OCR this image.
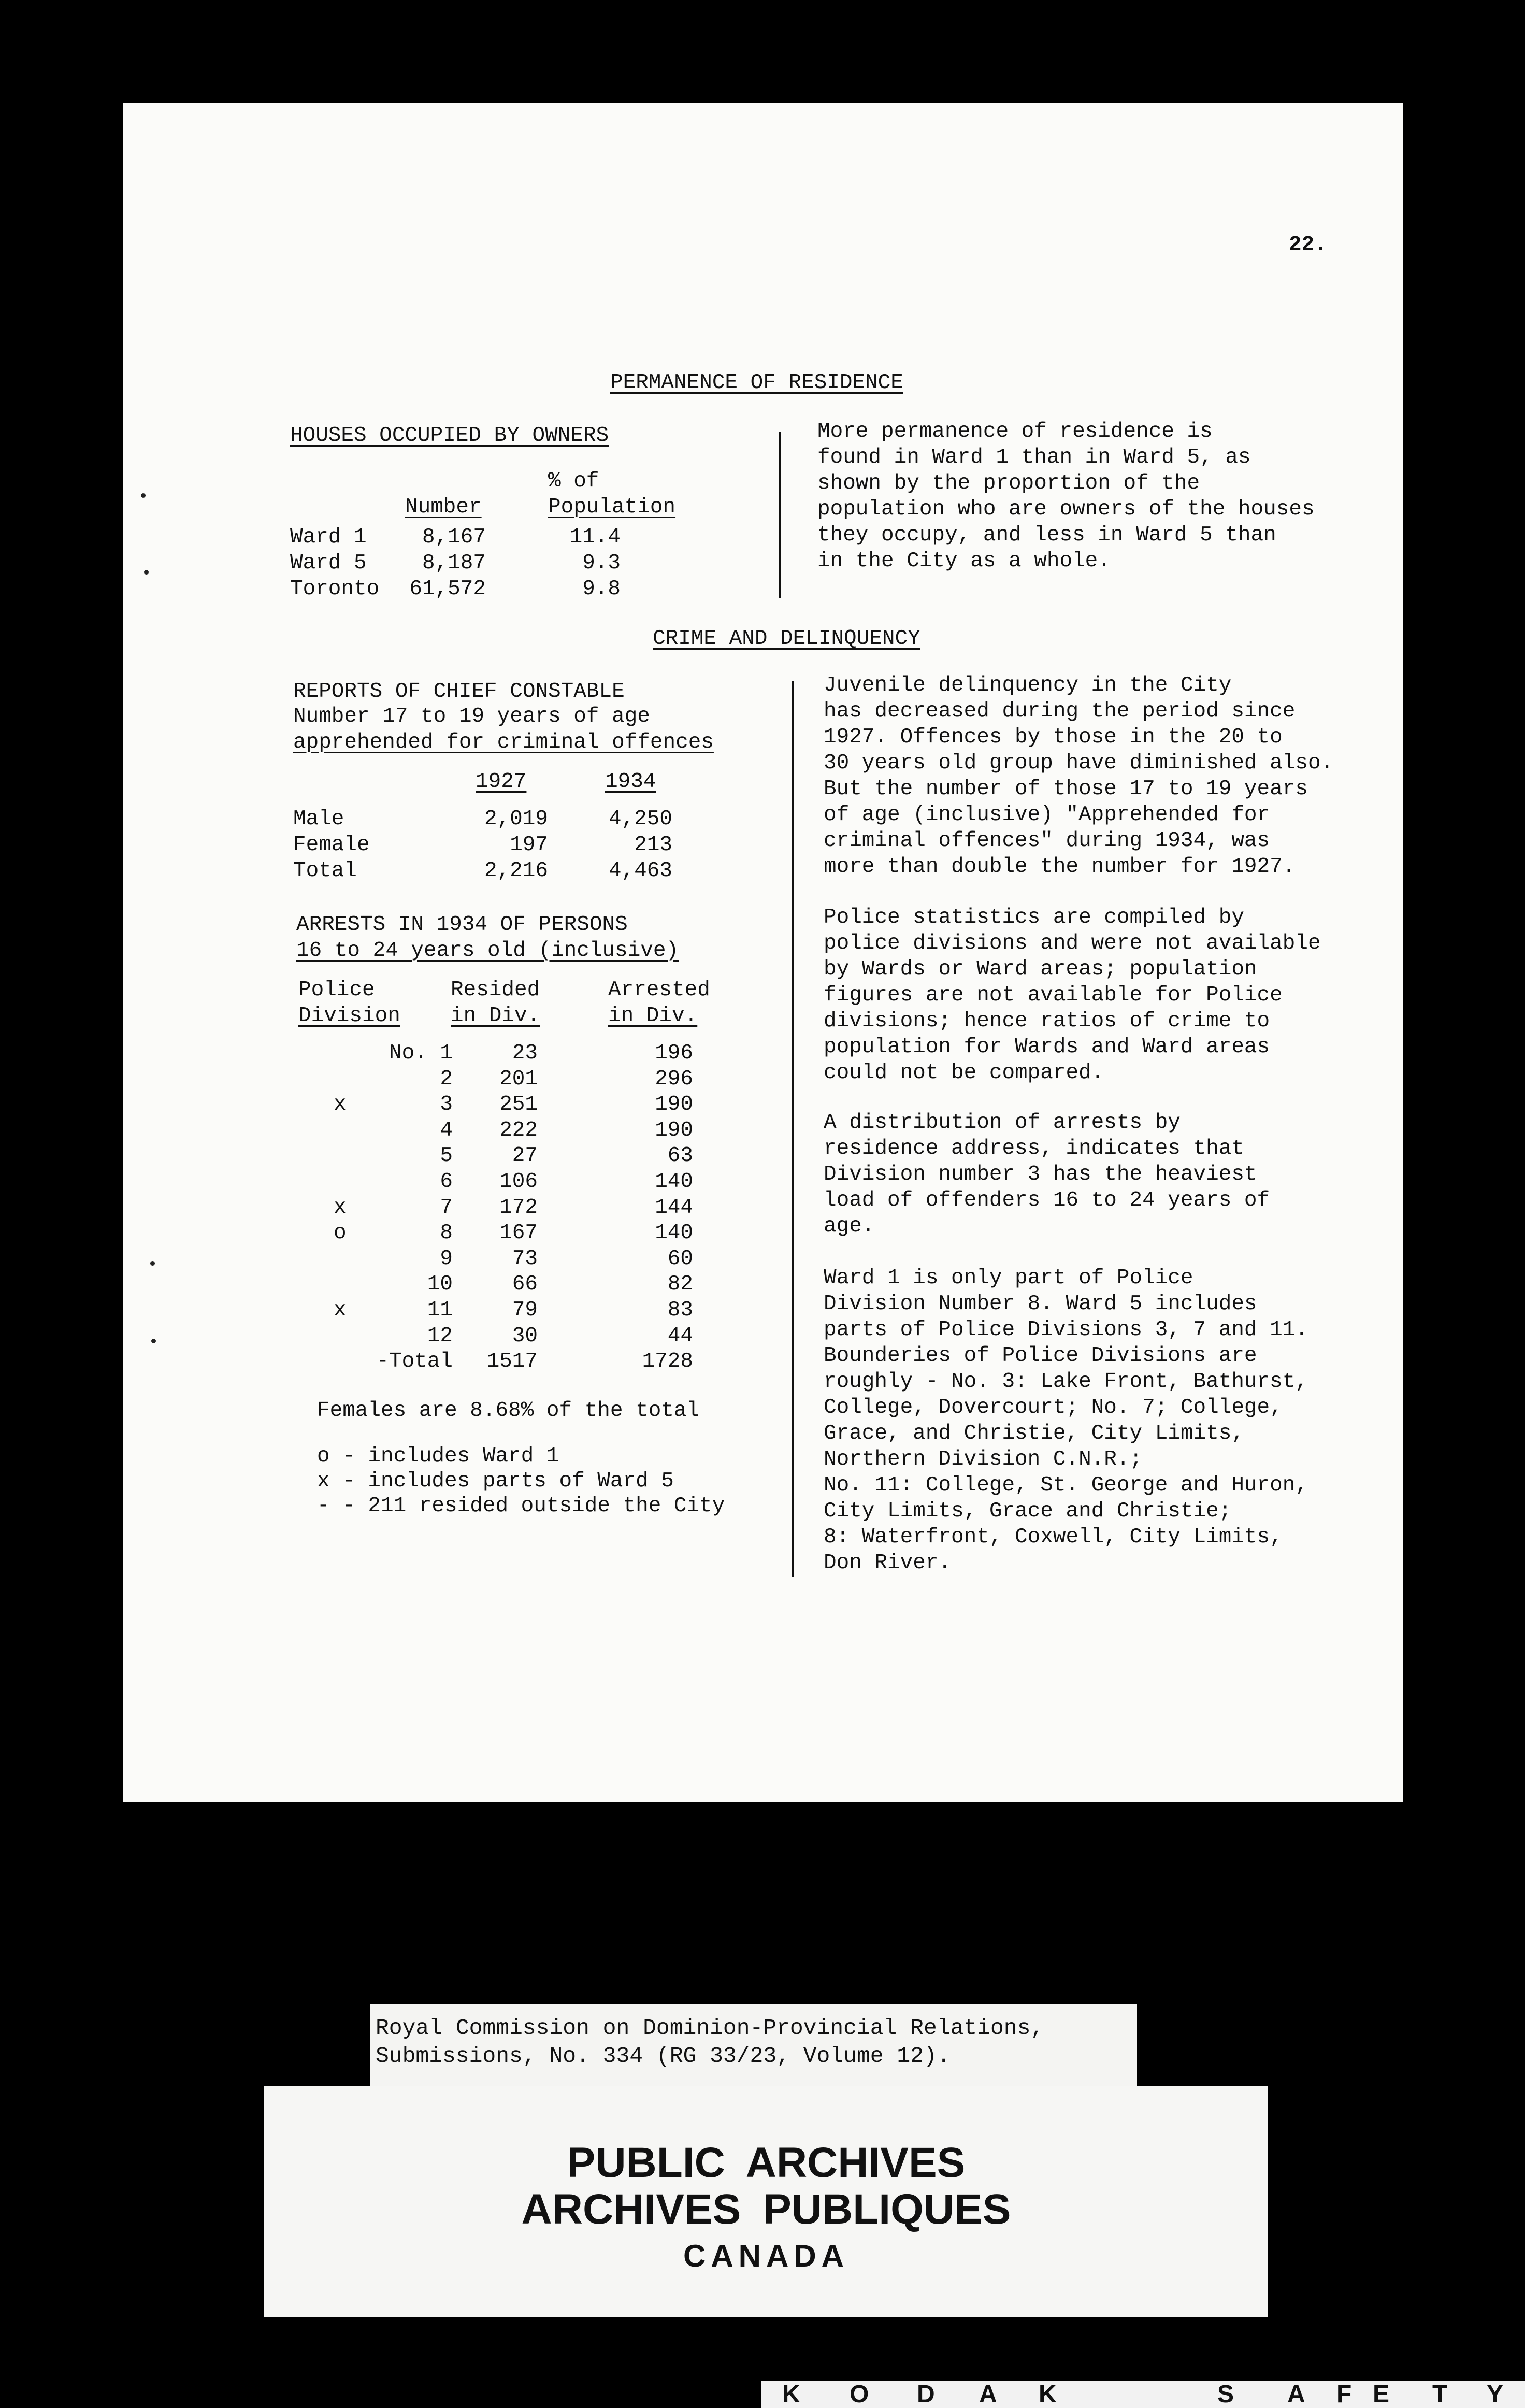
22.
PERMANENCE OF RESIDENCE
HOUSES OCCUPIED BY OWNERS
% of
Number	Population
Ward 1	8,167	11.4
Ward 5	8,187	9.3
Toronto	61,572	9.8
More permanence of residence is
found in Ward 1 than in Ward 5, as
shown by the proportion of the
population who are owners of the houses
they occupy, and less in Ward 5 than
in the City as a whole.
CRIME AND DELINQUENCY
REPORTS OF CHIEF CONSTABLE
Number 17 to 19 years of age
apprehended for criminal offences
1927	1934
Male	2,019	4,250
Female	197	213
Total	2,216	4,463
ARRESTS IN 1934 OF PERSONS
16 to 24 years old (inclusive)
Police
Division
Resided
in Div.
Arrested
in Div.
No. 1	23	196
2	201	296
x	3	251	190
4	222	190
5	27	63
6	106	140
x	7	172	144
o	8	167	140
9	73	60
10	66	82
x	11	79	83
12	30	44
-Total	1517	1728
Females are 8.68% of the total
o - includes Ward 1
x - includes parts of Ward 5
- - 211 resided outside the City
Juvenile delinquency in the City
has decreased during the period since
1927. Offences by those in the 20 to
30 years old group have diminished also.
But the number of those 17 to 19 years
of age (inclusive) "Apprehended for
criminal offences" during 1934, was
more than double the number for 1927.
Police statistics are compiled by
police divisions and were not available
by Wards or Ward areas; population
figures are not available for Police
divisions; hence ratios of crime to
population for Wards and Ward areas
could not be compared.
A distribution of arrests by
residence address, indicates that
Division number 3 has the heaviest
load of offenders 16 to 24 years of
age.
Ward 1 is only part of Police
Division Number 8. Ward 5 includes
parts of Police Divisions 3, 7 and 11.
Bounderies of Police Divisions are
roughly - No. 3: Lake Front, Bathurst,
College, Dovercourt; No. 7; College,
Grace, and Christie, City Limits,
Northern Division C.N.R.;
No. 11: College, St. George and Huron,
City Limits, Grace and Christie;
8: Waterfront, Coxwell, City Limits,
Don River.
Royal Commission on Dominion-Provincial Relations,
Submissions, No. 334 (RG 33/23, Volume 12).
PUBLIC ARCHIVES
ARCHIVES PUBLIQUES
CANADA
K O D A K	S A F E T Y
